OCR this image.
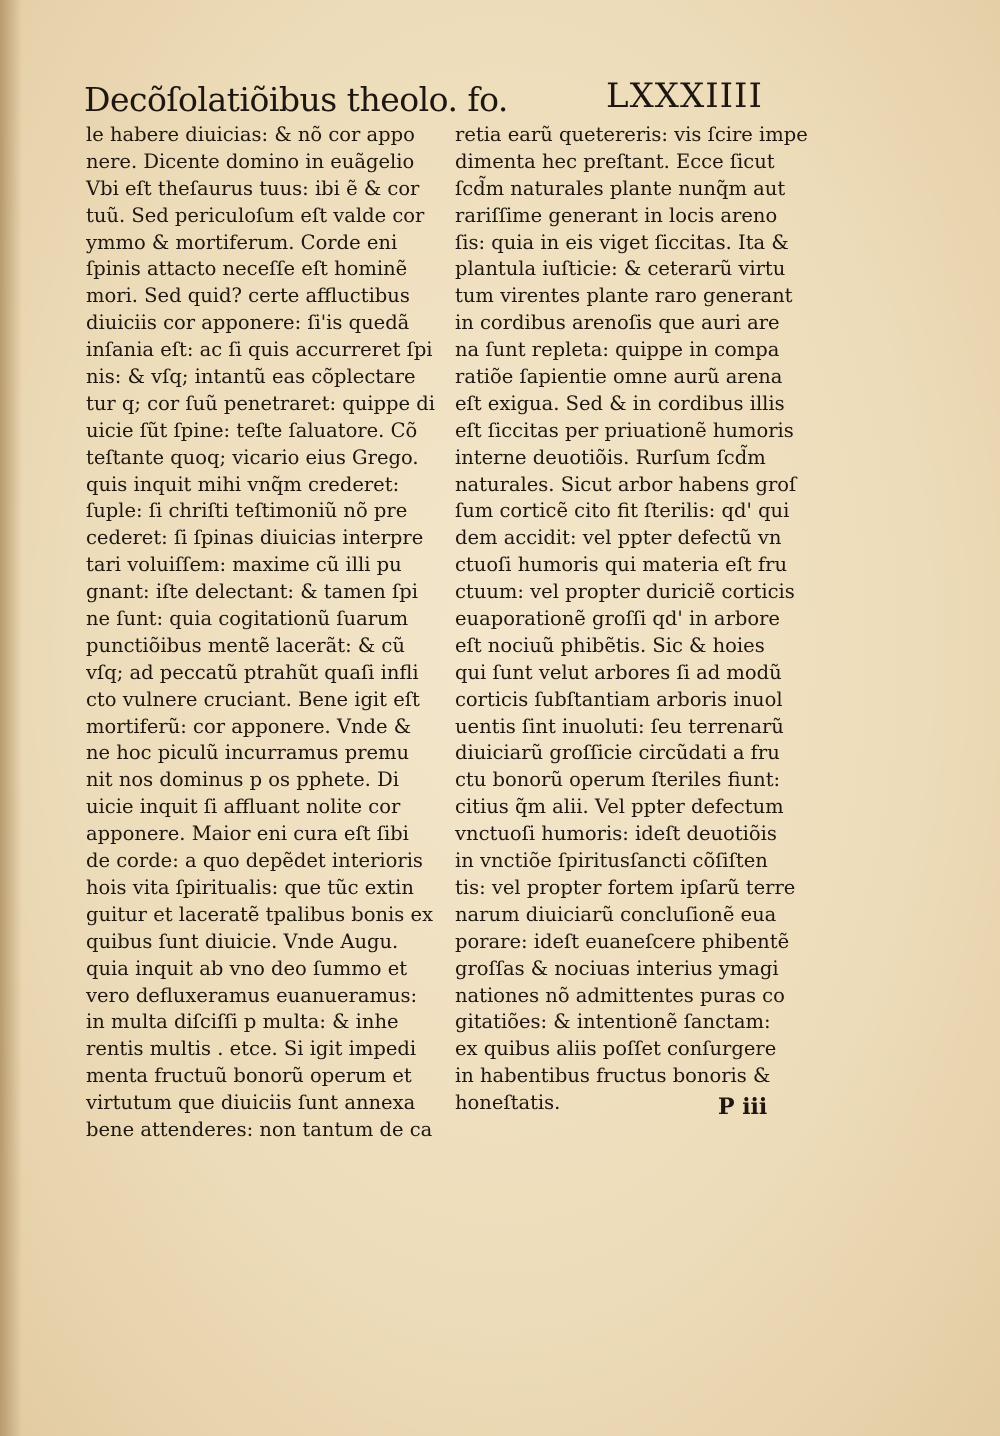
Decõſolatiõibus theolo. fo.	LXXXIIII
le habere diuicias: & nõ cor appo
nere. Dicente domino in euãgelio
Vbi eſt theſaurus tuus: ibi ẽ & cor
tuũ. Sed periculoſum eſt valde cor
ymmo & mortiferum. Corde eni
ſpinis attacto neceſſe eſt hominẽ
mori. Sed quid? certe affluctibus
diuiciis cor apponere: ſi'is quedã
inſania eſt: ac ſi quis accurreret ſpi
nis: & vſq; intantũ eas cõplectare
tur q; cor ſuũ penetraret: quippe di
uicie ſũt ſpine: teſte ſaluatore. Cõ
teſtante quoq; vicario eius Grego.
quis inquit mihi vnq̃m crederet:
ſuple: ſi chriſti teſtimoniũ nõ pre
cederet: ſi ſpinas diuicias interpre
tari voluiſſem: maxime cũ illi pu
gnant: iſte delectant: & tamen ſpi
ne ſunt: quia cogitationũ ſuarum
punctiõibus mentẽ lacerãt: & cũ
vſq; ad peccatũ ptrahũt quaſi infli
cto vulnere cruciant. Bene igit eſt
mortiferũ: cor apponere. Vnde &
ne hoc piculũ incurramus premu
nit nos dominus p os pphete. Di
uicie inquit ſi affluant nolite cor
apponere. Maior eni cura eſt ſibi
de corde: a quo depẽdet interioris
hois vita ſpiritualis: que tũc extin
guitur et laceratẽ tpalibus bonis ex
quibus ſunt diuicie. Vnde Augu.
quia inquit ab vno deo ſummo et
vero defluxeramus euanueramus:
in multa diſciſſi p multa: & inhe
rentis multis . etce. Si igit impedi
menta fructuũ bonorũ operum et
virtutum que diuiciis ſunt annexa
bene attenderes: non tantum de ca
retia earũ quetereris: vis ſcire impe
dimenta hec preſtant. Ecce ſicut
ſcd̃m naturales plante nunq̃m aut
rariſſime generant in locis areno
ſis: quia in eis viget ſiccitas. Ita &
plantula iuſticie: & ceterarũ virtu
tum virentes plante raro generant
in cordibus arenoſis que auri are
na ſunt repleta: quippe in compa
ratiõe ſapientie omne aurũ arena
eſt exigua. Sed & in cordibus illis
eſt ſiccitas per priuationẽ humoris
interne deuotiõis. Rurſum ſcd̃m
naturales. Sicut arbor habens groſ
ſum corticẽ cito fit ſterilis: qd' qui
dem accidit: vel ppter defectũ vn
ctuoſi humoris qui materia eſt fru
ctuum: vel propter duriciẽ corticis
euaporationẽ groſſi qd' in arbore
eſt nociuũ phibẽtis. Sic & hoies
qui ſunt velut arbores ſi ad modũ
corticis ſubſtantiam arboris inuol
uentis ſint inuoluti: ſeu terrenarũ
diuiciarũ groſſicie circũdati a fru
ctu bonorũ operum ſteriles fiunt:
citius q̃m alii. Vel ppter defectum
vnctuoſi humoris: ideſt deuotiõis
in vnctiõe ſpiritusſancti cõſiſten
tis: vel propter fortem ipſarũ terre
narum diuiciarũ concluſionẽ eua
porare: ideſt euaneſcere phibentẽ
groſſas & nociuas interius ymagi
nationes nõ admittentes puras co
gitatiões: & intentionẽ ſanctam:
ex quibus aliis poſſet conſurgere
in habentibus fructus bonoris &
honeſtatis.	P iii
